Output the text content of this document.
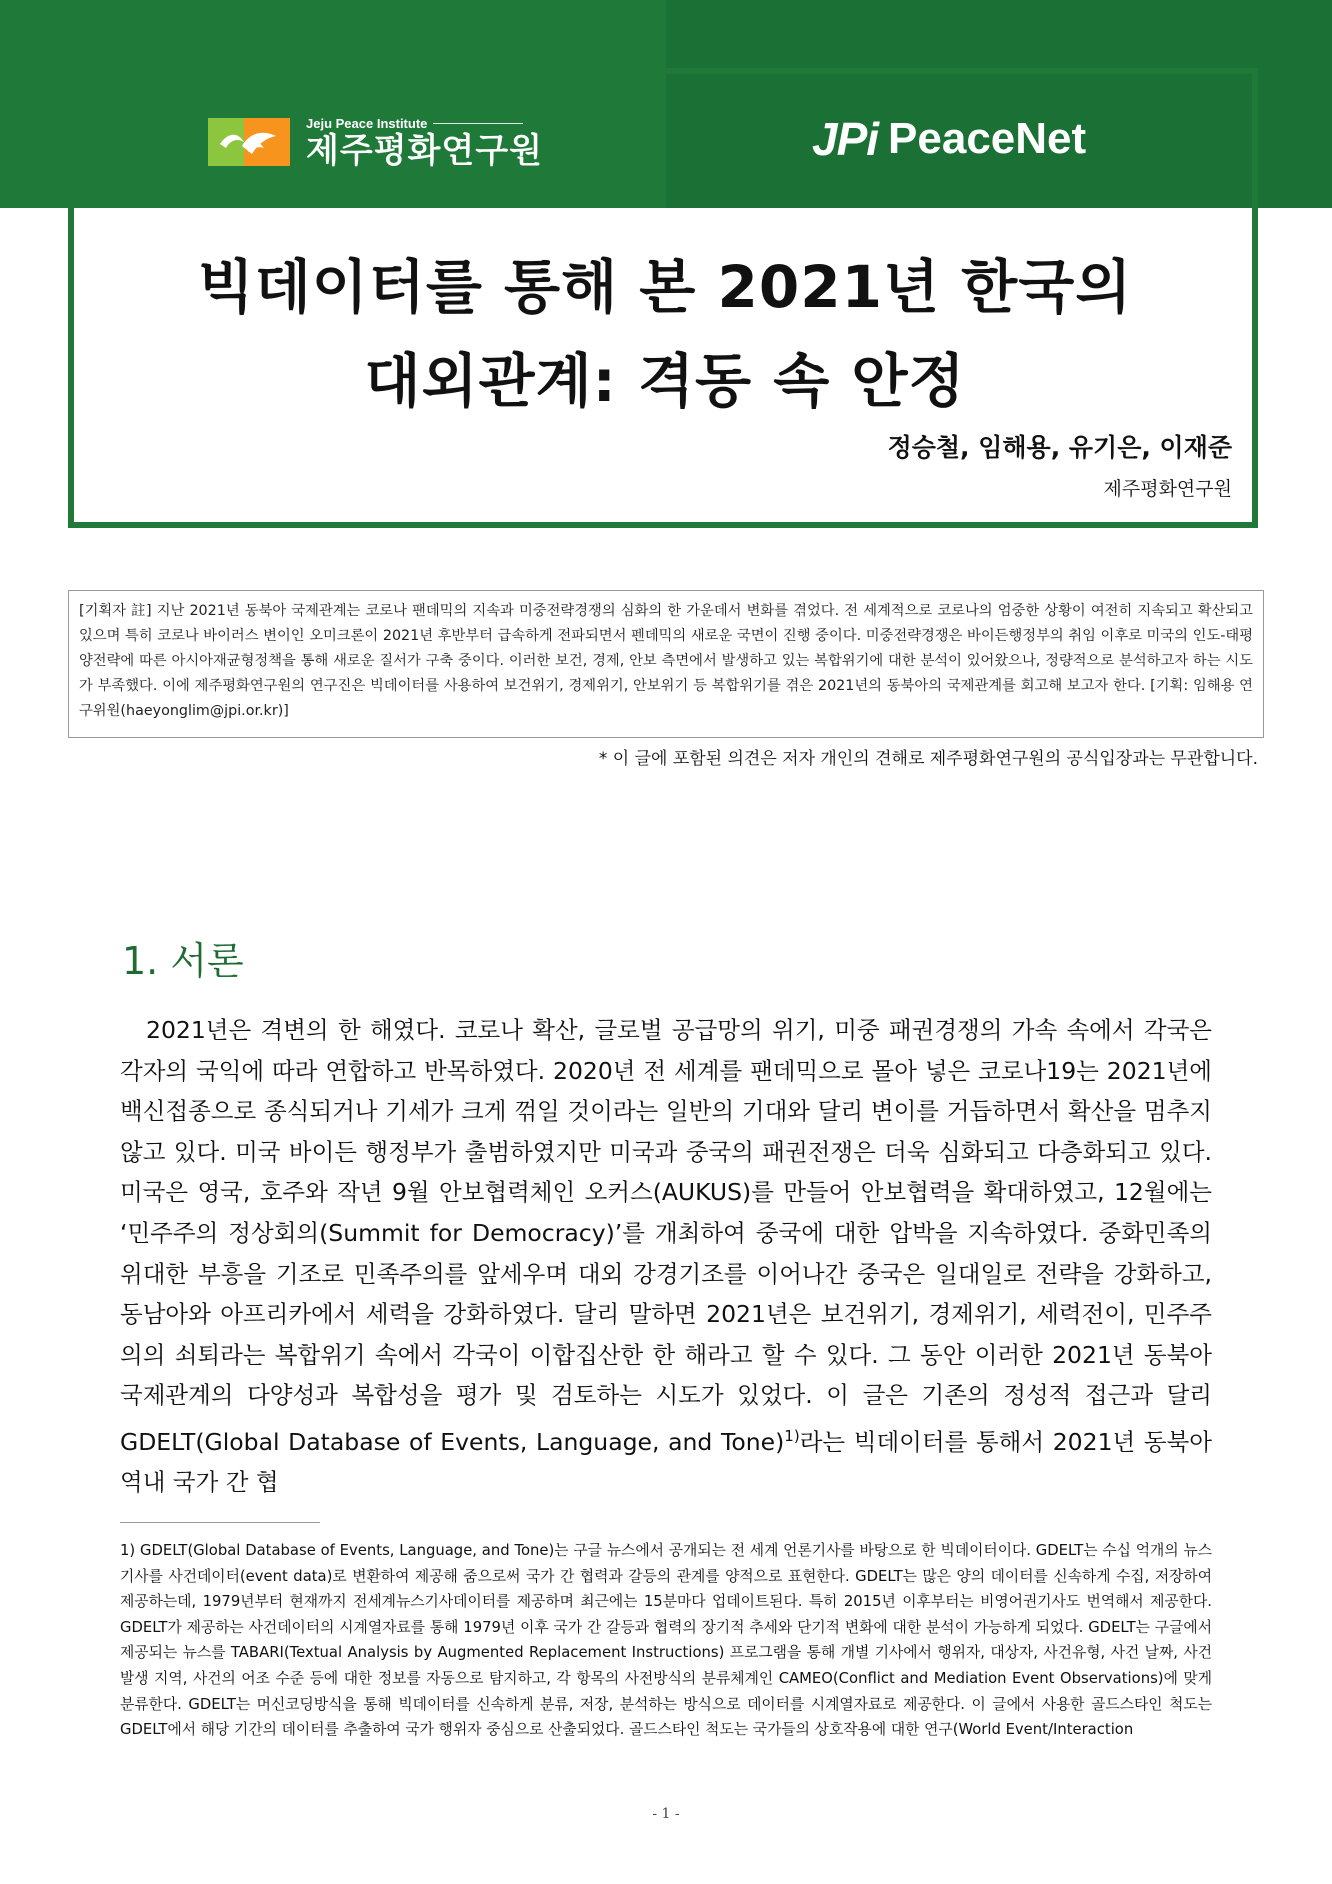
Jeju Peace Institute
제주평화연구원	JPi PeaceNet
빅데이터를 통해 본 2021년 한국의
대외관계: 격동 속 안정
정승철, 임해용, 유기은, 이재준
제주평화연구원
[기획자 註] 지난 2021년 동북아 국제관계는 코로나 팬데믹의 지속과 미중전략경쟁의 심화의 한 가운데서 변화를 겪었다. 전 세계적으로 코로나의 엄중한 상황이 여전히 지속되고 확산되고 있으며 특히 코로나 바이러스 변이인 오미크론이 2021년 후반부터 급속하게 전파되면서 펜데믹의 새로운 국면이 진행 중이다. 미중전략경쟁은 바이든행정부의 취임 이후로 미국의 인도-태평양전략에 따른 아시아재균형정책을 통해 새로운 질서가 구축 중이다. 이러한 보건, 경제, 안보 측면에서 발생하고 있는 복합위기에 대한 분석이 있어왔으나, 정량적으로 분석하고자 하는 시도가 부족했다. 이에 제주평화연구원의 연구진은 빅데이터를 사용하여 보건위기, 경제위기, 안보위기 등 복합위기를 겪은 2021년의 동북아의 국제관계를 회고해 보고자 한다. [기획: 임해용 연구위원(haeyonglim@jpi.or.kr)]
* 이 글에 포함된 의견은 저자 개인의 견해로 제주평화연구원의 공식입장과는 무관합니다.
1. 서론
2021년은 격변의 한 해였다. 코로나 확산, 글로벌 공급망의 위기, 미중 패권경쟁의 가속 속에서 각국은 각자의 국익에 따라 연합하고 반목하였다. 2020년 전 세계를 팬데믹으로 몰아 넣은 코로나19는 2021년에 백신접종으로 종식되거나 기세가 크게 꺾일 것이라는 일반의 기대와 달리 변이를 거듭하면서 확산을 멈추지 않고 있다. 미국 바이든 행정부가 출범하였지만 미국과 중국의 패권전쟁은 더욱 심화되고 다층화되고 있다. 미국은 영국, 호주와 작년 9월 안보협력체인 오커스(AUKUS)를 만들어 안보협력을 확대하였고, 12월에는 ‘민주주의 정상회의(Summit for Democracy)’를 개최하여 중국에 대한 압박을 지속하였다. 중화민족의 위대한 부흥을 기조로 민족주의를 앞세우며 대외 강경기조를 이어나간 중국은 일대일로 전략을 강화하고, 동남아와 아프리카에서 세력을 강화하였다. 달리 말하면 2021년은 보건위기, 경제위기, 세력전이, 민주주의의 쇠퇴라는 복합위기 속에서 각국이 이합집산한 한 해라고 할 수 있다. 그 동안 이러한 2021년 동북아 국제관계의 다양성과 복합성을 평가 및 검토하는 시도가 있었다. 이 글은 기존의 정성적 접근과 달리 GDELT(Global Database of Events, Language, and Tone)$^{1)}$라는 빅데이터를 통해서 2021년 동북아 역내 국가 간 협
1) GDELT(Global Database of Events, Language, and Tone)는 구글 뉴스에서 공개되는 전 세계 언론기사를 바탕으로 한 빅데이터이다. GDELT는 수십 억개의 뉴스기사를 사건데이터(event data)로 변환하여 제공해 줌으로써 국가 간 협력과 갈등의 관계를 양적으로 표현한다. GDELT는 많은 양의 데이터를 신속하게 수집, 저장하여 제공하는데, 1979년부터 현재까지 전세계뉴스기사데이터를 제공하며 최근에는 15분마다 업데이트된다. 특히 2015년 이후부터는 비영어권기사도 번역해서 제공한다. GDELT가 제공하는 사건데이터의 시계열자료를 통해 1979년 이후 국가 간 갈등과 협력의 장기적 추세와 단기적 변화에 대한 분석이 가능하게 되었다. GDELT는 구글에서 제공되는 뉴스를 TABARI(Textual Analysis by Augmented Replacement Instructions) 프로그램을 통해 개별 기사에서 행위자, 대상자, 사건유형, 사건 날짜, 사건 발생 지역, 사건의 어조 수준 등에 대한 정보를 자동으로 탐지하고, 각 항목의 사전방식의 분류체계인 CAMEO(Conflict and Mediation Event Observations)에 맞게 분류한다. GDELT는 머신코딩방식을 통해 빅데이터를 신속하게 분류, 저장, 분석하는 방식으로 데이터를 시계열자료로 제공한다. 이 글에서 사용한 골드스타인 척도는 GDELT에서 해당 기간의 데이터를 추출하여 국가 행위자 중심으로 산출되었다. 골드스타인 척도는 국가들의 상호작용에 대한 연구(World Event/Interaction
- 1 -
